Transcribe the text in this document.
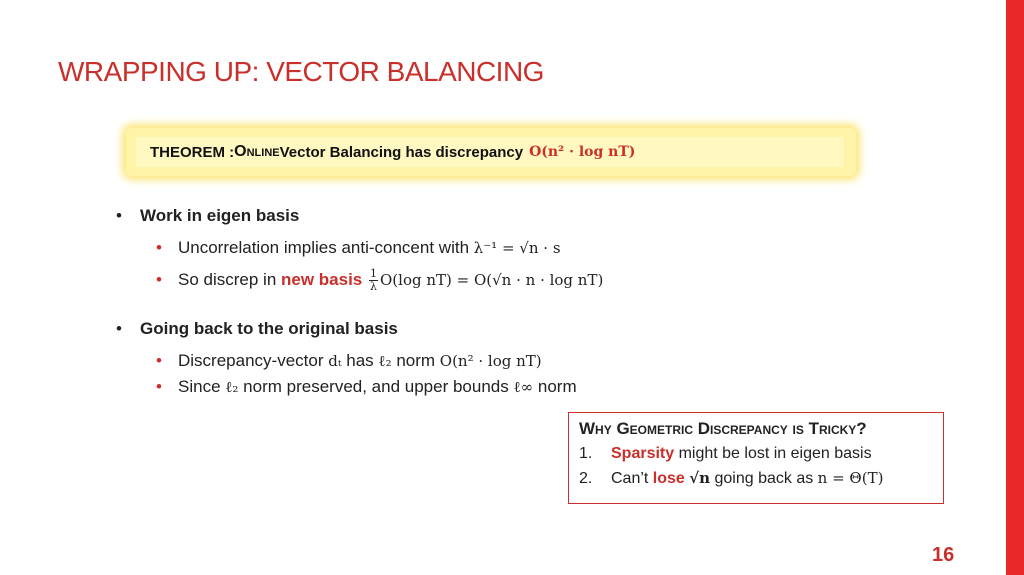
WRAPPING UP: VECTOR BALANCING
THEOREM : Online Vector Balancing has discrepancy O(n² · log nT)
• Work in eigen basis
• Uncorrelation implies anti-concent with λ⁻¹ = √n · s
• So discrep in new basis $\frac{1}{\lambda} O(\log$ nT) = O(√n · n · log nT)
• Going back to the original basis
• Discrepancy-vector dₜ has ℓ₂ norm O(n² · log nT)
• Since ℓ₂ norm preserved, and upper bounds ℓ∞ norm
Why Geometric Discrepancy is Tricky?
1. Sparsity might be lost in eigen basis
2. Can’t lose √n going back as n = Θ(T)
16
